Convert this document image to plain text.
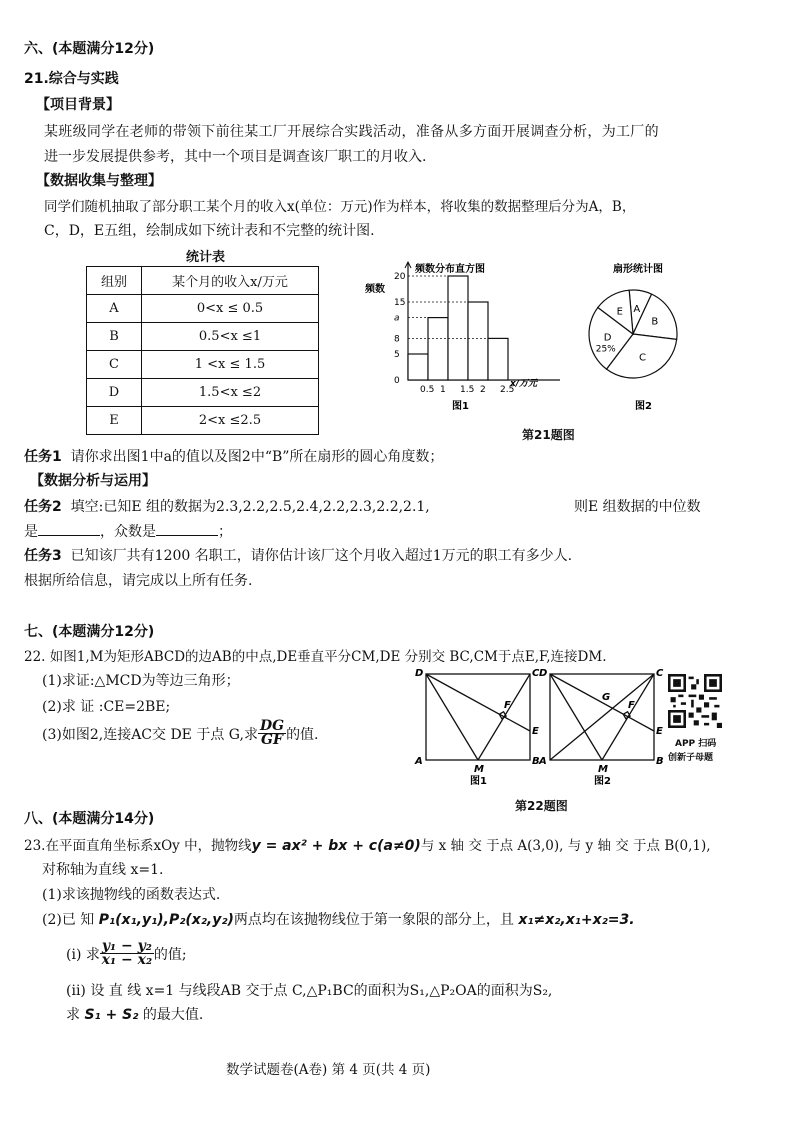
六、(本题满分12分)
21.综合与实践
【项目背景】
某班级同学在老师的带领下前往某工厂开展综合实践活动，准备从多方面开展调查分析，为工厂的
进一步发展提供参考，其中一个项目是调查该厂职工的月收入.
【数据收集与整理】
同学们随机抽取了部分职工某个月的收入x(单位：万元)作为样本，将收集的数据整理后分为A，B，
C，D，E五组，绘制成如下统计表和不完整的统计图.
统计表
组别	某个月的收入x/万元
A	0<x ≤ 0.5
B	0.5<x ≤1
C	1 <x ≤ 1.5
D	1.5<x ≤2
E	2<x ≤2.5
频数分布直方图
频数
0.5 1 1.5 2 2.5
5
8
a
15
20
0	x/万元
图1
扇形统计图
A
B
C
D
E
25%
图2
第21题图
任务1 请你求出图1中a的值以及图2中“B”所在扇形的圆心角度数；
【数据分析与运用】
任务2 填空:已知E 组的数据为2.3,2.2,2.5,2.4,2.2,2.3,2.2,2.1,	则E 组数据的中位数
是	，众数是	；
任务3 已知该厂共有1200 名职工，请你估计该厂这个月收入超过1万元的职工有多少人.
根据所给信息，请完成以上所有任务.
七、(本题满分12分)
22. 如图1,M为矩形ABCD的边AB的中点,DE垂直平分CM,DE 分别交 BC,CM于点E,F,连接DM.
(1)求证:△MCD为等边三角形；
(2)求 证 :CE=2BE;
(3)如图2,连接AC交 DE 于点 G,求 $\frac{DG}{GF}$ 的值.
D	C
A	B
M
E
F
图1
D	C
A	B
M
E
F
G
图2
APP 扫码
创新子母题
第22题图
八、(本题满分14分)
23.在平面直角坐标系xOy 中，抛物线y = ax² + bx + c(a≠0)与 x 轴 交 于点 A(3,0), 与 y 轴 交 于点 B(0,1),
对称轴为直线 x=1.
(1)求该抛物线的函数表达式.
(2)已 知 P₁(x₁,y₁),P₂(x₂,y₂)两点均在该抛物线位于第一象限的部分上，且 x₁≠x₂,x₁+x₂=3.
(i) 求 $\frac{\text{y₁ − y₂}}{\text{x₁ − x₂}}$ 的值;
(ii) 设 直 线 x=1 与线段AB 交于点 C,△P₁BC的面积为S₁,△P₂OA的面积为S₂,
求 S₁ + S₂ 的最大值.
数学试题卷(A卷) 第 4 页(共 4 页)
